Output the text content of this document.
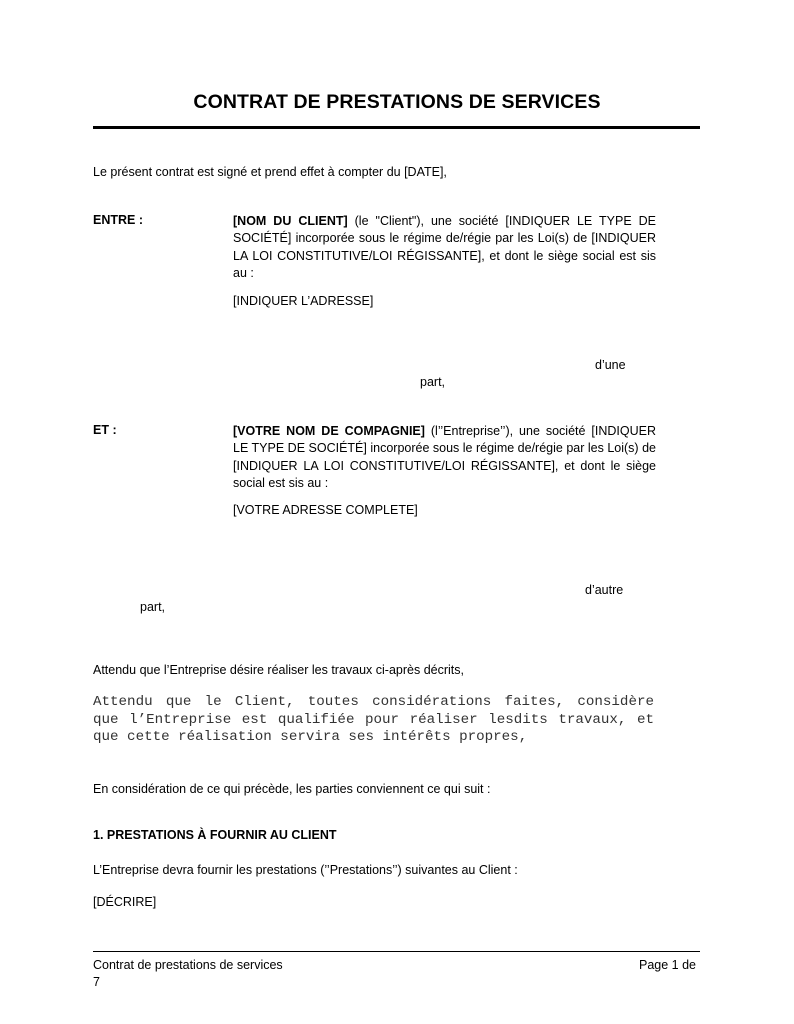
CONTRAT DE PRESTATIONS DE SERVICES
Le présent contrat est signé et prend effet à compter du [DATE],
ENTRE :	[NOM DU CLIENT] (le "Client"), une société [INDIQUER LE TYPE DE SOCIÉTÉ] incorporée sous le régime de/régie par les Loi(s) de [INDIQUER LA LOI CONSTITUTIVE/LOI RÉGISSANTE], et dont le siège social est sis au :
[INDIQUER L’ADRESSE]
d’une
part,
ET :	[VOTRE NOM DE COMPAGNIE] (l’’Entreprise’’), une société [INDIQUER LE TYPE DE SOCIÉTÉ] incorporée sous le régime de/régie par les Loi(s) de [INDIQUER LA LOI CONSTITUTIVE/LOI RÉGISSANTE], et dont le siège social est sis au :
[VOTRE ADRESSE COMPLETE]
d’autre
part,
Attendu que l’Entreprise désire réaliser les travaux ci-après décrits,
Attendu que le Client, toutes considérations faites, considère que l’Entreprise est qualifiée pour réaliser lesdits travaux, et que cette réalisation servira ses intérêts propres,
En considération de ce qui précède, les parties conviennent ce qui suit :
1. PRESTATIONS À FOURNIR AU CLIENT
L’Entreprise devra fournir les prestations (’’Prestations’’) suivantes au Client :
[DÉCRIRE]
Contrat de prestations de services
7
Page 1 de
